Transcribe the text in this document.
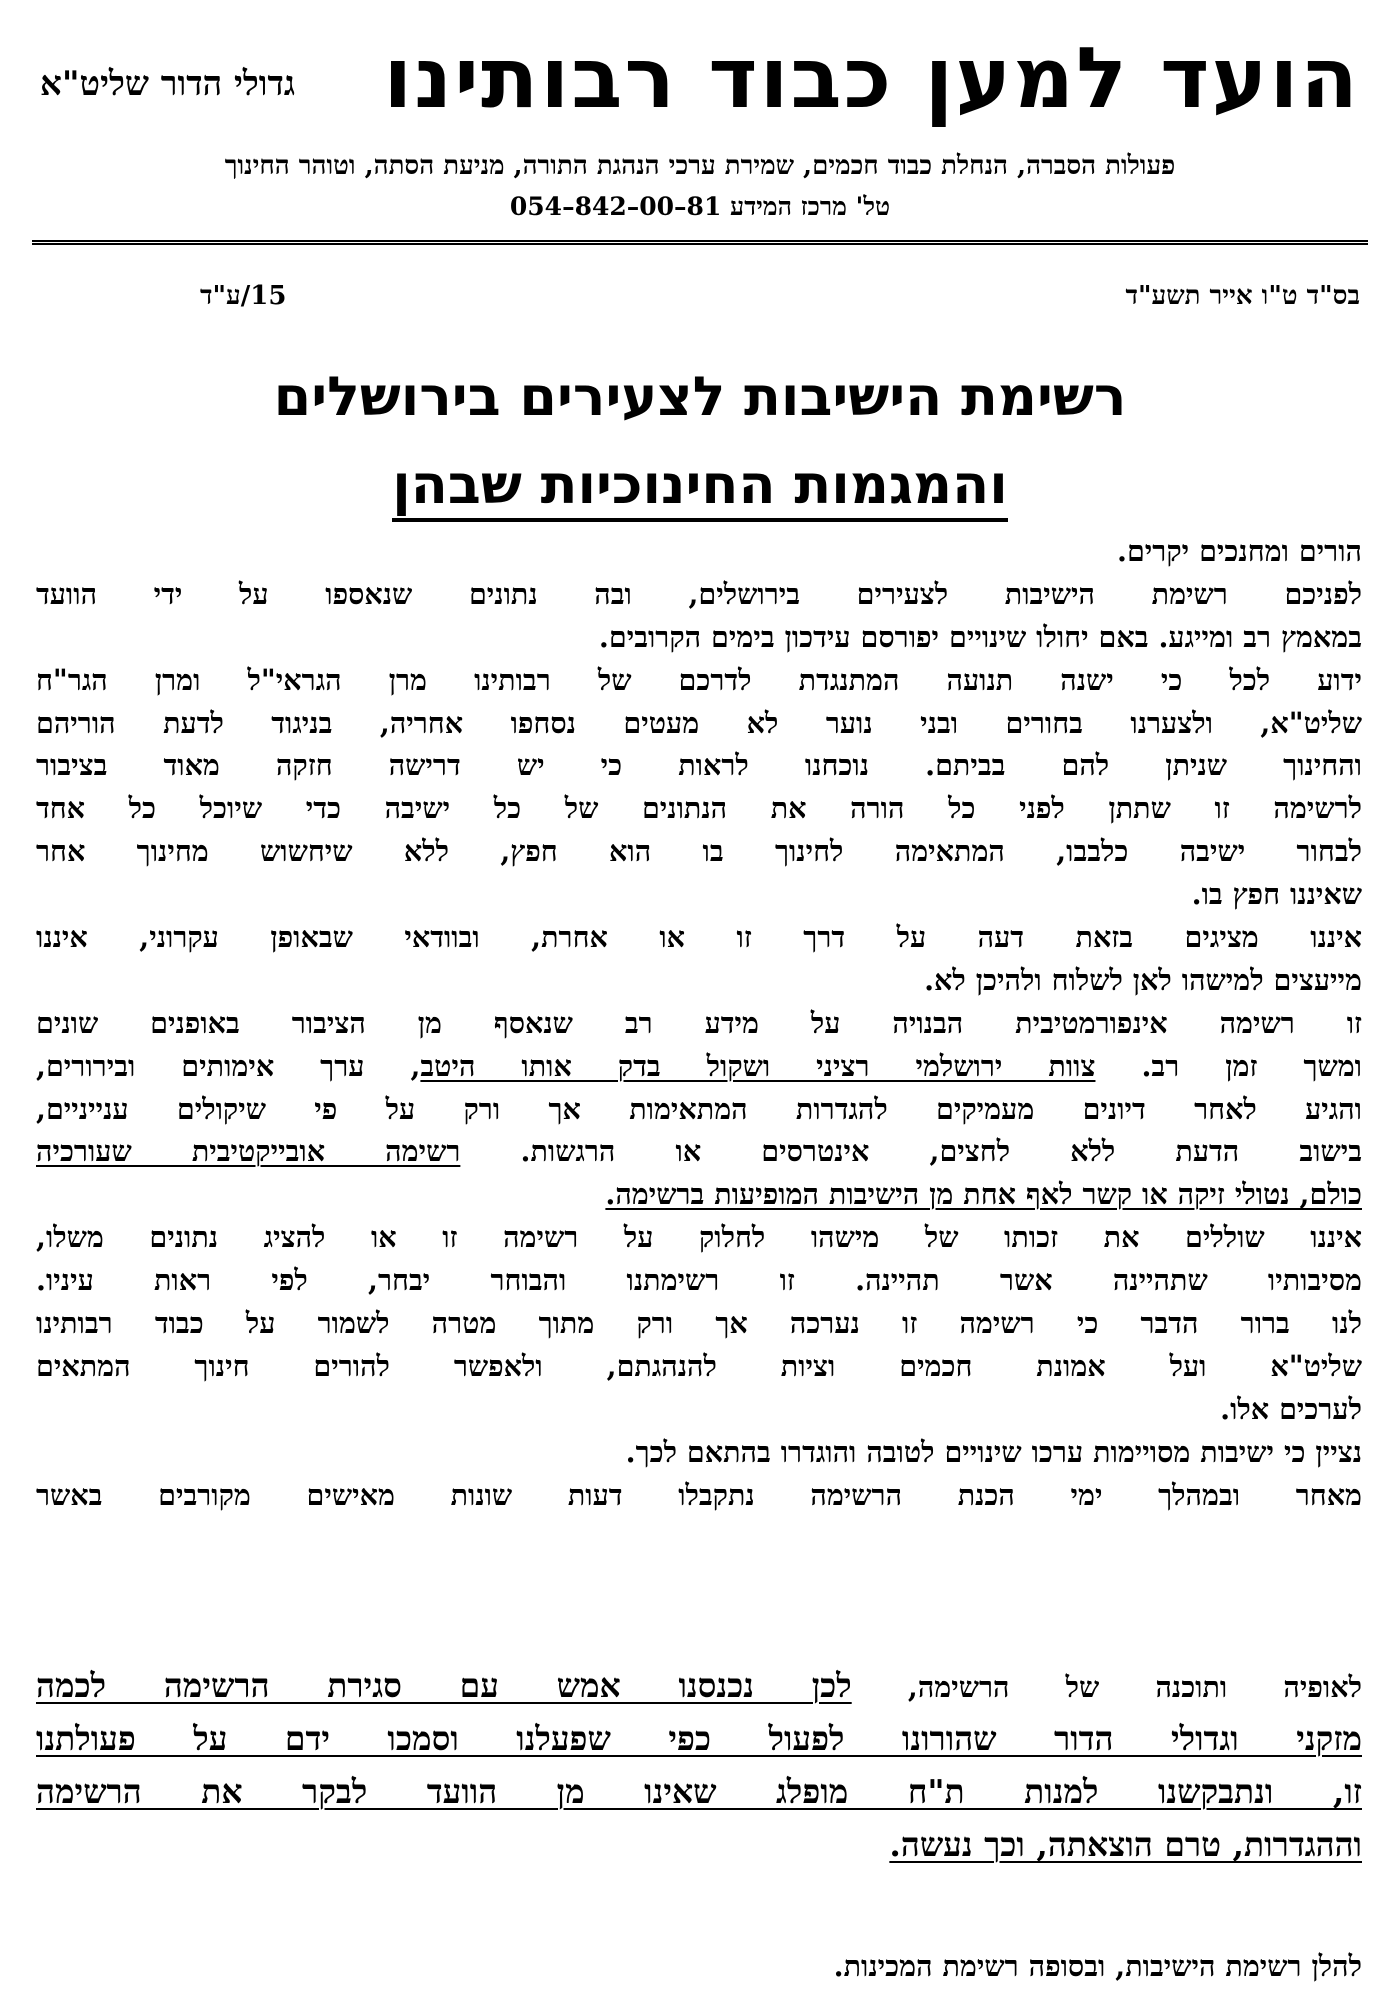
הועד למען כבוד רבותינו
גדולי הדור שליט"א
פעולות הסברה, הנחלת כבוד חכמים, שמירת ערכי הנהגת התורה, מניעת הסתה, וטוהר החינוך
טל' מרכז המידע 81–00–842–054
בס"ד ט"ו אייר תשע"ד
15/ע"ד
רשימת הישיבות לצעירים בירושלים
והמגמות החינוכיות שבהן
הורים ומחנכים יקרים.
לפניכם רשימת הישיבות לצעירים בירושלים, ובה נתונים שנאספו על ידי הוועד
במאמץ רב ומייגע. באם יחולו שינויים יפורסם עידכון בימים הקרובים.
ידוע לכל כי ישנה תנועה המתנגדת לדרכם של רבותינו מרן הגראי"ל ומרן הגר"ח
שליט"א, ולצערנו בחורים ובני נוער לא מעטים נסחפו אחריה, בניגוד לדעת הוריהם
והחינוך שניתן להם בביתם. נוכחנו לראות כי יש דרישה חזקה מאוד בציבור
לרשימה זו שתתן לפני כל הורה את הנתונים של כל ישיבה כדי שיוכל כל אחד
לבחור ישיבה כלבבו, המתאימה לחינוך בו הוא חפץ, ללא שיחשוש מחינוך אחר
שאיננו חפץ בו.
איננו מציגים בזאת דעה על דרך זו או אחרת, ובוודאי שבאופן עקרוני, איננו
מייעצים למישהו לאן לשלוח ולהיכן לא.
זו רשימה אינפורמטיבית הבנויה על מידע רב שנאסף מן הציבור באופנים שונים
ומשך זמן רב. צוות ירושלמי רציני ושקול בדק אותו היטב, ערך אימותים ובירורים,
והגיע לאחר דיונים מעמיקים להגדרות המתאימות אך ורק על פי שיקולים ענייניים,
בישוב הדעת ללא לחצים, אינטרסים או הרגשות. רשימה אובייקטיבית שעורכיה
כולם, נטולי זיקה או קשר לאף אחת מן הישיבות המופיעות ברשימה.
איננו שוללים את זכותו של מישהו לחלוק על רשימה זו או להציג נתונים משלו,
מסיבותיו שתהיינה אשר תהיינה. זו רשימתנו והבוחר יבחר, לפי ראות עיניו.
לנו ברור הדבר כי רשימה זו נערכה אך ורק מתוך מטרה לשמור על כבוד רבותינו
שליט"א ועל אמונת חכמים וציות להנהגתם, ולאפשר להורים חינוך המתאים
לערכים אלו.
נציין כי ישיבות מסויימות ערכו שינויים לטובה והוגדרו בהתאם לכך.
מאחר ובמהלך ימי הכנת הרשימה נתקבלו דעות שונות מאישים מקורבים באשר
לאופיה ותוכנה של הרשימה, לכן נכנסנו אמש עם סגירת הרשימה לכמה
מזקני וגדולי הדור שהורונו לפעול כפי שפעלנו וסמכו ידם על פעולתנו
זו, ונתבקשנו למנות ת"ח מופלג שאינו מן הוועד לבקר את הרשימה
וההגדרות, טרם הוצאתה, וכך נעשה.
להלן רשימת הישיבות, ובסופה רשימת המכינות.
